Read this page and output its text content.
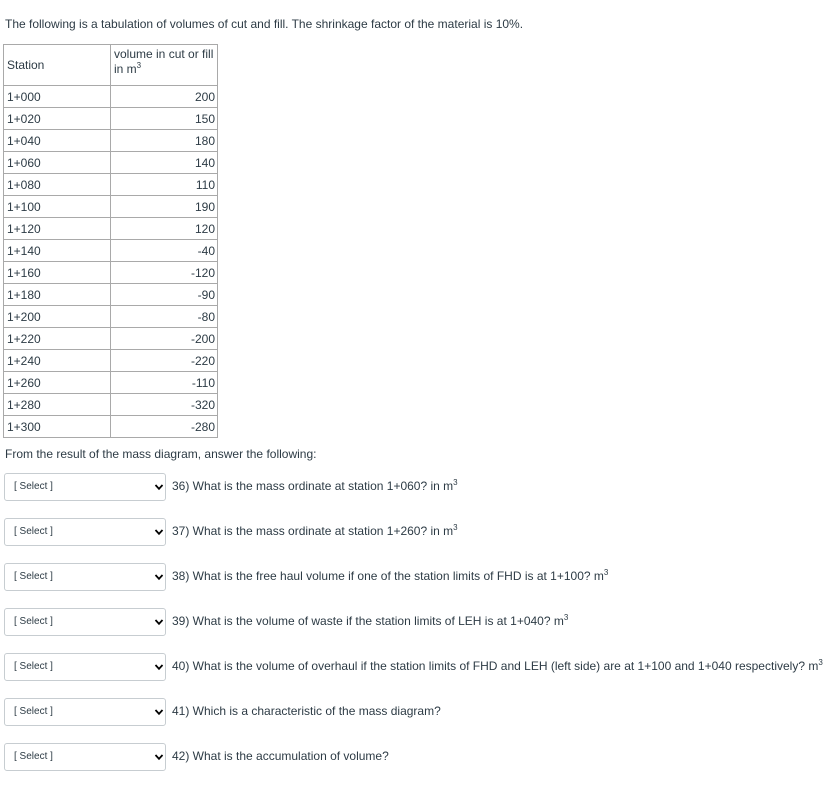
The following is a tabulation of volumes of cut and fill. The shrinkage factor of the material is 10%.
Station	volume in cut or fill
in $m^3$
1+000	200
1+020	150
1+040	180
1+060	140
1+080	110
1+100	190
1+120	120
1+140	-40
1+160	-120
1+180	-90
1+200	-80
1+220	-200
1+240	-220
1+260	-110
1+280	-320
1+300	-280
From the result of the mass diagram, answer the following:
[ Select ]	36) What is the mass ordinate at station 1+060? in $m^3$
[ Select ]	37) What is the mass ordinate at station 1+260? in $m^3$
[ Select ]	38) What is the free haul volume if one of the station limits of FHD is at 1+100? $m^3$
[ Select ]	39) What is the volume of waste if the station limits of LEH is at 1+040? $m^3$
[ Select ]	40) What is the volume of overhaul if the station limits of FHD and LEH (left side) are at 1+100 and 1+040 respectively? $m^3$
[ Select ]	41) Which is a characteristic of the mass diagram?
[ Select ]	42) What is the accumulation of volume?
